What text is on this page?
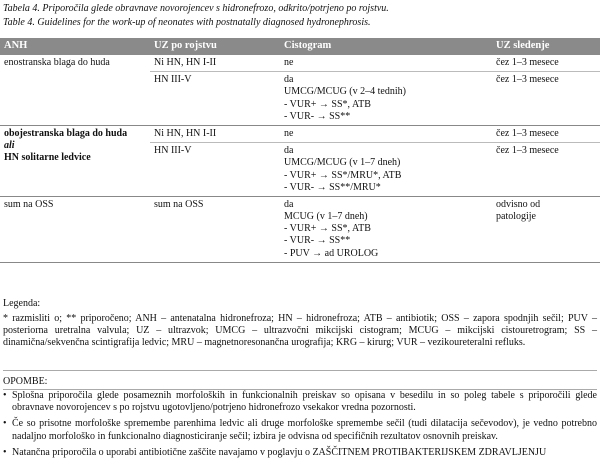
Tabela 4. Priporočila glede obravnave novorojencev s hidronefrozo, odkrito/potrjeno po rojstvu.
Table 4. Guidelines for the work-up of neonates with postnatally diagnosed hydronephrosis.
ANH	UZ po rojstvu	Cistogram	UZ sledenje

enostranska blaga do huda	Ni HN, HN I-II	ne	čez 1–3 mesece

	HN III-V	da
UMCG/MCUG (v 2–4 tednih)
- VUR+ → SS*, ATB
- VUR- → SS**	čez 1–3 mesece

obojestranska blaga do huda
ali
HN solitarne ledvice	Ni HN, HN I-II	ne	čez 1–3 mesece

	HN III-V	da
UMCG/MCUG (v 1–7 dneh)
- VUR+ → SS*/MRU*, ATB
- VUR- → SS**/MRU*	čez 1–3 mesece

sum na OSS	sum na OSS	da
MCUG (v 1–7 dneh)
- VUR+ → SS*, ATB
- VUR- → SS**
- PUV → ad UROLOG	odvisno od
patologije

Legenda:
* razmisliti o; ** priporočeno; ANH – antenatalna hidronefroza; HN – hidronefroza; ATB – antibiotik; OSS – zapora spodnjih sečil; PUV – posteriorna uretralna valvula; UZ – ultrazvok; UMCG – ultrazvočni mikcijski cistogram; MCUG – mikcijski cistouretrogram; SS – dinamična/sekvenčna scintigrafija ledvic; MRU – magnetnoresonančna urografija; KRG – kirurg; VUR – vezikoureteralni refluks.
OPOMBE:
• Splošna priporočila glede posameznih morfoloških in funkcionalnih preiskav so opisana v besedilu in so poleg tabele s priporočili glede obravnave novorojencev s po rojstvu ugotovljeno/potrjeno hidronefrozo vsekakor vredna pozornosti.
• Če so prisotne morfološke spremembe parenhima ledvic ali druge morfološke spremembe sečil (tudi dilatacija sečevodov), je vedno potrebno nadaljno morfološko in funkcionalno diagnosticiranje sečil; izbira je odvisna od specifičnih rezultatov osnovnih preiskav.
• Natančna priporočila o uporabi antibiotične zaščite navajamo v poglavju o ZAŠČITNEM PROTIBAKTERIJSKEM ZDRAVLJENJU
